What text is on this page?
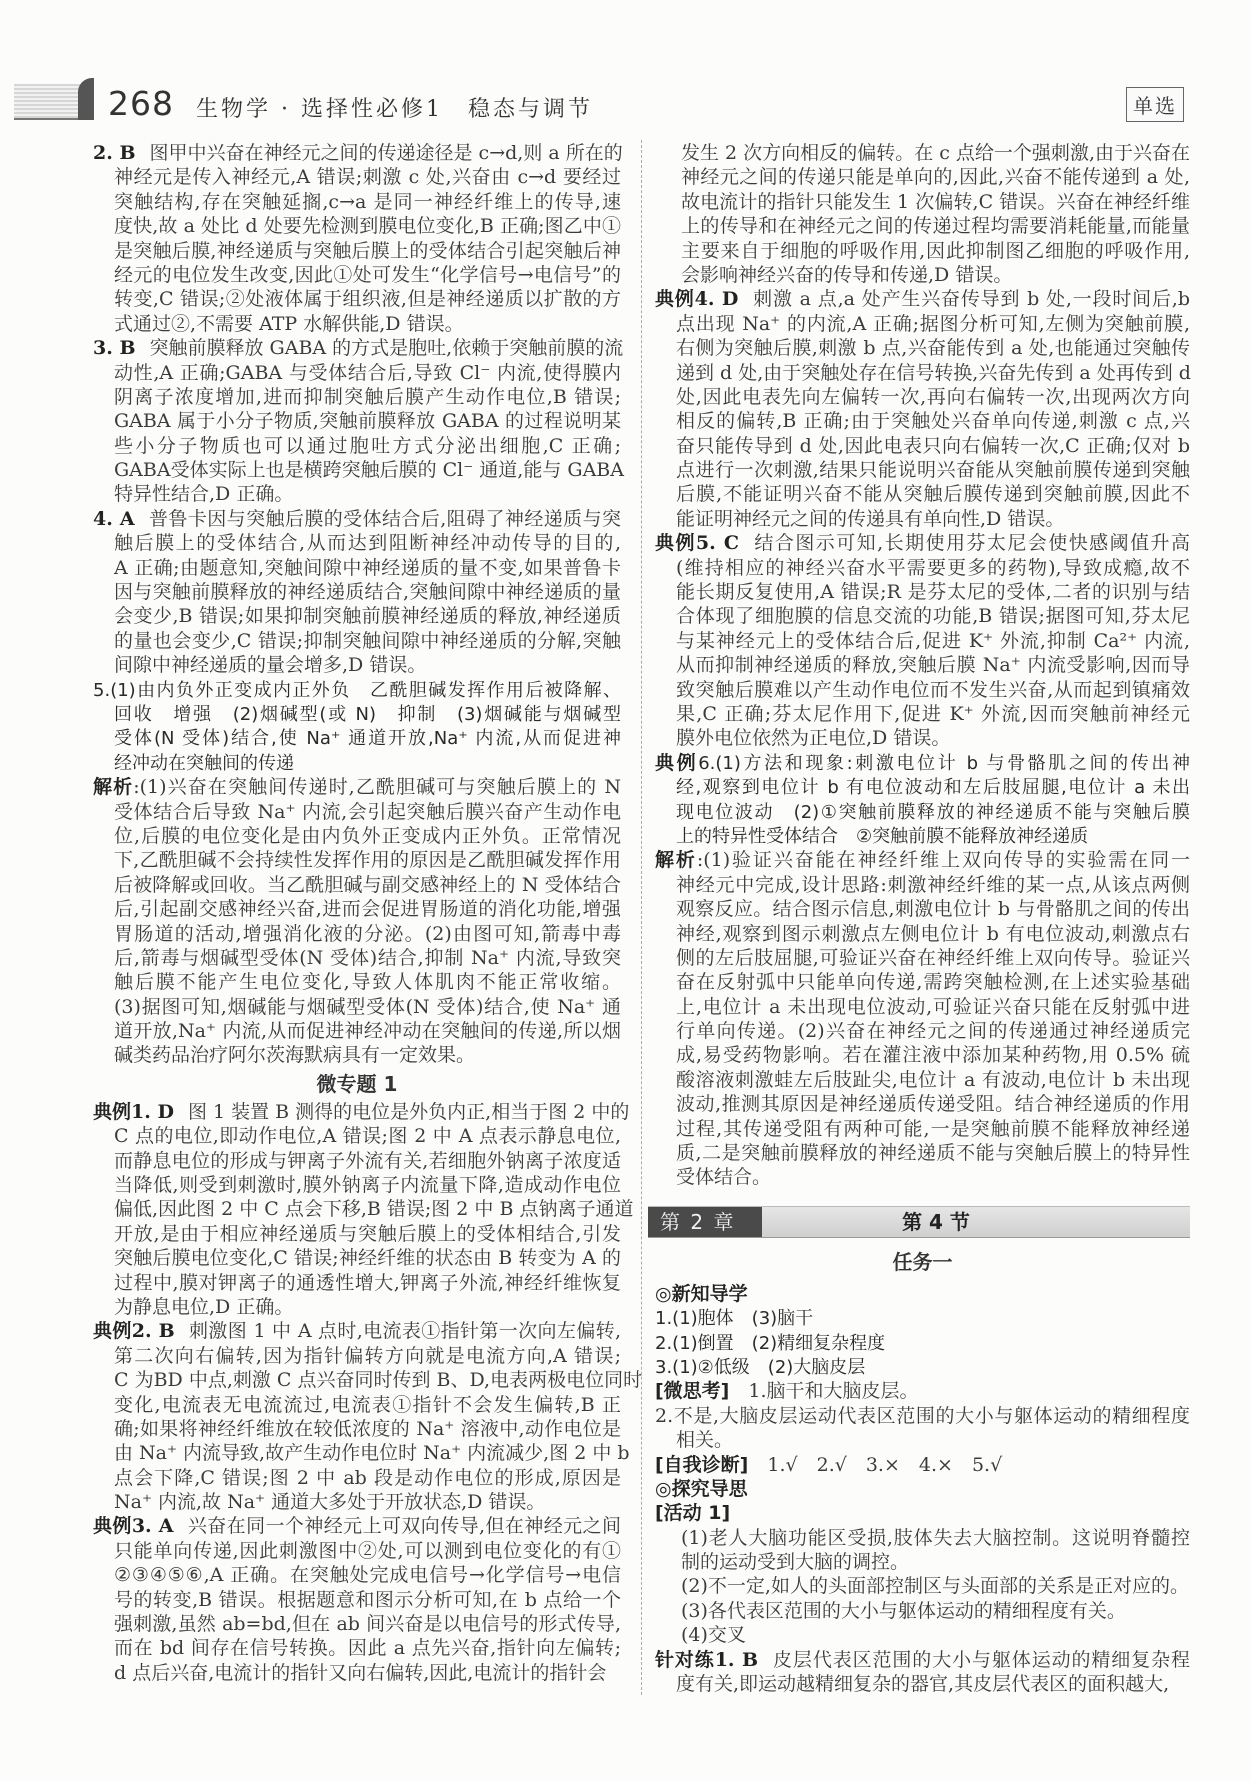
268 生物学 · 选择性必修1　稳态与调节	单选
2. B 图甲中兴奋在神经元之间的传递途径是 c→d,则 a 所在的
神经元是传入神经元,A 错误;刺激 c 处,兴奋由 c→d 要经过
突触结构,存在突触延搁,c→a 是同一神经纤维上的传导,速
度快,故 a 处比 d 处要先检测到膜电位变化,B 正确;图乙中①
是突触后膜,神经递质与突触后膜上的受体结合引起突触后神
经元的电位发生改变,因此①处可发生“化学信号→电信号”的
转变,C 错误;②处液体属于组织液,但是神经递质以扩散的方
式通过②,不需要 ATP 水解供能,D 错误。
3. B 突触前膜释放 GABA 的方式是胞吐,依赖于突触前膜的流
动性,A 正确;GABA 与受体结合后,导致 Cl⁻ 内流,使得膜内
阴离子浓度增加,进而抑制突触后膜产生动作电位,B 错误;
GABA 属于小分子物质,突触前膜释放 GABA 的过程说明某
些小分子物质也可以通过胞吐方式分泌出细胞,C 正确;
GABA受体实际上也是横跨突触后膜的 Cl⁻ 通道,能与 GABA
特异性结合,D 正确。
4. A 普鲁卡因与突触后膜的受体结合后,阻碍了神经递质与突
触后膜上的受体结合,从而达到阻断神经冲动传导的目的,
A 正确;由题意知,突触间隙中神经递质的量不变,如果普鲁卡
因与突触前膜释放的神经递质结合,突触间隙中神经递质的量
会变少,B 错误;如果抑制突触前膜神经递质的释放,神经递质
的量也会变少,C 错误;抑制突触间隙中神经递质的分解,突触
间隙中神经递质的量会增多,D 错误。
5.(1)由内负外正变成内正外负　乙酰胆碱发挥作用后被降解、
回收　增强　(2)烟碱型(或 N)　抑制　(3)烟碱能与烟碱型
受体(N 受体)结合,使 Na⁺ 通道开放,Na⁺ 内流,从而促进神
经冲动在突触间的传递
解析:(1)兴奋在突触间传递时,乙酰胆碱可与突触后膜上的 N
受体结合后导致 Na⁺ 内流,会引起突触后膜兴奋产生动作电
位,后膜的电位变化是由内负外正变成内正外负。正常情况
下,乙酰胆碱不会持续性发挥作用的原因是乙酰胆碱发挥作用
后被降解或回收。当乙酰胆碱与副交感神经上的 N 受体结合
后,引起副交感神经兴奋,进而会促进胃肠道的消化功能,增强
胃肠道的活动,增强消化液的分泌。(2)由图可知,箭毒中毒
后,箭毒与烟碱型受体(N 受体)结合,抑制 Na⁺ 内流,导致突
触后膜不能产生电位变化,导致人体肌肉不能正常收缩。
(3)据图可知,烟碱能与烟碱型受体(N 受体)结合,使 Na⁺ 通
道开放,Na⁺ 内流,从而促进神经冲动在突触间的传递,所以烟
碱类药品治疗阿尔茨海默病具有一定效果。
微专题 1
典例1. D 图 1 装置 B 测得的电位是外负内正,相当于图 2 中的
C 点的电位,即动作电位,A 错误;图 2 中 A 点表示静息电位,
而静息电位的形成与钾离子外流有关,若细胞外钠离子浓度适
当降低,则受到刺激时,膜外钠离子内流量下降,造成动作电位
偏低,因此图 2 中 C 点会下移,B 错误;图 2 中 B 点钠离子通道
开放,是由于相应神经递质与突触后膜上的受体相结合,引发
突触后膜电位变化,C 错误;神经纤维的状态由 B 转变为 A 的
过程中,膜对钾离子的通透性增大,钾离子外流,神经纤维恢复
为静息电位,D 正确。
典例2. B 刺激图 1 中 A 点时,电流表①指针第一次向左偏转,
第二次向右偏转,因为指针偏转方向就是电流方向,A 错误;
C 为BD 中点,刺激 C 点兴奋同时传到 B、D,电表两极电位同时
变化,电流表无电流流过,电流表①指针不会发生偏转,B 正
确;如果将神经纤维放在较低浓度的 Na⁺ 溶液中,动作电位是
由 Na⁺ 内流导致,故产生动作电位时 Na⁺ 内流减少,图 2 中 b
点会下降,C 错误;图 2 中 ab 段是动作电位的形成,原因是
Na⁺ 内流,故 Na⁺ 通道大多处于开放状态,D 错误。
典例3. A 兴奋在同一个神经元上可双向传导,但在神经元之间
只能单向传递,因此刺激图中②处,可以测到电位变化的有①
②③④⑤⑥,A 正确。在突触处完成电信号→化学信号→电信
号的转变,B 错误。根据题意和图示分析可知,在 b 点给一个
强刺激,虽然 ab=bd,但在 ab 间兴奋是以电信号的形式传导,
而在 bd 间存在信号转换。因此 a 点先兴奋,指针向左偏转;
d 点后兴奋,电流计的指针又向右偏转,因此,电流计的指针会
发生 2 次方向相反的偏转。在 c 点给一个强刺激,由于兴奋在
神经元之间的传递只能是单向的,因此,兴奋不能传递到 a 处,
故电流计的指针只能发生 1 次偏转,C 错误。兴奋在神经纤维
上的传导和在神经元之间的传递过程均需要消耗能量,而能量
主要来自于细胞的呼吸作用,因此抑制图乙细胞的呼吸作用,
会影响神经兴奋的传导和传递,D 错误。
典例4. D 刺激 a 点,a 处产生兴奋传导到 b 处,一段时间后,b
点出现 Na⁺ 的内流,A 正确;据图分析可知,左侧为突触前膜,
右侧为突触后膜,刺激 b 点,兴奋能传到 a 处,也能通过突触传
递到 d 处,由于突触处存在信号转换,兴奋先传到 a 处再传到 d
处,因此电表先向左偏转一次,再向右偏转一次,出现两次方向
相反的偏转,B 正确;由于突触处兴奋单向传递,刺激 c 点,兴
奋只能传导到 d 处,因此电表只向右偏转一次,C 正确;仅对 b
点进行一次刺激,结果只能说明兴奋能从突触前膜传递到突触
后膜,不能证明兴奋不能从突触后膜传递到突触前膜,因此不
能证明神经元之间的传递具有单向性,D 错误。
典例5. C 结合图示可知,长期使用芬太尼会使快感阈值升高
(维持相应的神经兴奋水平需要更多的药物),导致成瘾,故不
能长期反复使用,A 错误;R 是芬太尼的受体,二者的识别与结
合体现了细胞膜的信息交流的功能,B 错误;据图可知,芬太尼
与某神经元上的受体结合后,促进 K⁺ 外流,抑制 Ca²⁺ 内流,
从而抑制神经递质的释放,突触后膜 Na⁺ 内流受影响,因而导
致突触后膜难以产生动作电位而不发生兴奋,从而起到镇痛效
果,C 正确;芬太尼作用下,促进 K⁺ 外流,因而突触前神经元
膜外电位依然为正电位,D 错误。
典例6.(1)方法和现象:刺激电位计 b 与骨骼肌之间的传出神
经,观察到电位计 b 有电位波动和左后肢屈腿,电位计 a 未出
现电位波动　(2)①突触前膜释放的神经递质不能与突触后膜
上的特异性受体结合　②突触前膜不能释放神经递质
解析:(1)验证兴奋能在神经纤维上双向传导的实验需在同一
神经元中完成,设计思路:刺激神经纤维的某一点,从该点两侧
观察反应。结合图示信息,刺激电位计 b 与骨骼肌之间的传出
神经,观察到图示刺激点左侧电位计 b 有电位波动,刺激点右
侧的左后肢屈腿,可验证兴奋在神经纤维上双向传导。验证兴
奋在反射弧中只能单向传递,需跨突触检测,在上述实验基础
上,电位计 a 未出现电位波动,可验证兴奋只能在反射弧中进
行单向传递。(2)兴奋在神经元之间的传递通过神经递质完
成,易受药物影响。若在灌注液中添加某种药物,用 0.5% 硫
酸溶液刺激蛙左后肢趾尖,电位计 a 有波动,电位计 b 未出现
波动,推测其原因是神经递质传递受阻。结合神经递质的作用
过程,其传递受阻有两种可能,一是突触前膜不能释放神经递
质,二是突触前膜释放的神经递质不能与突触后膜上的特异性
受体结合。
第 2 章	第 4 节
任务一
◎新知导学
1.(1)胞体　(3)脑干
2.(1)倒置　(2)精细复杂程度
3.(1)②低级　(2)大脑皮层
[微思考]　1.脑干和大脑皮层。
2.不是,大脑皮层运动代表区范围的大小与躯体运动的精细程度
相关。
[自我诊断]　1.√　2.√　3.×　4.×　5.√
◎探究导思
[活动 1]
(1)老人大脑功能区受损,肢体失去大脑控制。这说明脊髓控
制的运动受到大脑的调控。
(2)不一定,如人的头面部控制区与头面部的关系是正对应的。
(3)各代表区范围的大小与躯体运动的精细程度有关。
(4)交叉
针对练1. B 皮层代表区范围的大小与躯体运动的精细复杂程
度有关,即运动越精细复杂的器官,其皮层代表区的面积越大,
